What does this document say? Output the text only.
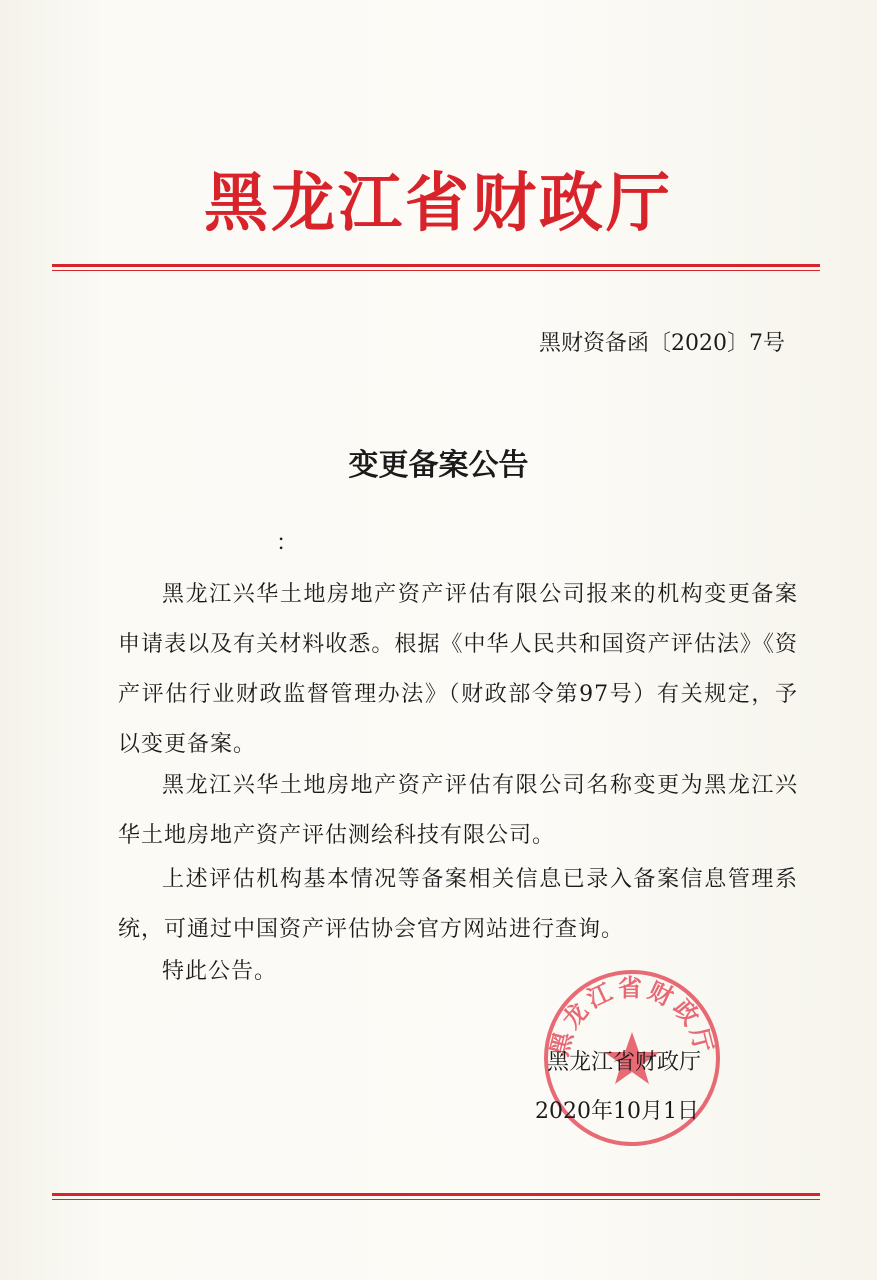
黑龙江省财政厅
黑财资备函〔2020〕7号
变更备案公告
：

黑龙江兴华土地房地产资产评估有限公司报来的机构变更备案申请表以及有关材料收悉。根据《中华人民共和国资产评估法》《资产评估行业财政监督管理办法》（财政部令第97号）有关规定，予以变更备案。

黑龙江兴华土地房地产资产评估有限公司名称变更为黑龙江兴华土地房地产资产评估测绘科技有限公司。

上述评估机构基本情况等备案相关信息已录入备案信息管理系统，可通过中国资产评估协会官方网站进行查询。

特此公告。

黑龙江省财政厅
黑龙江省财政厅
2020年10月1日
